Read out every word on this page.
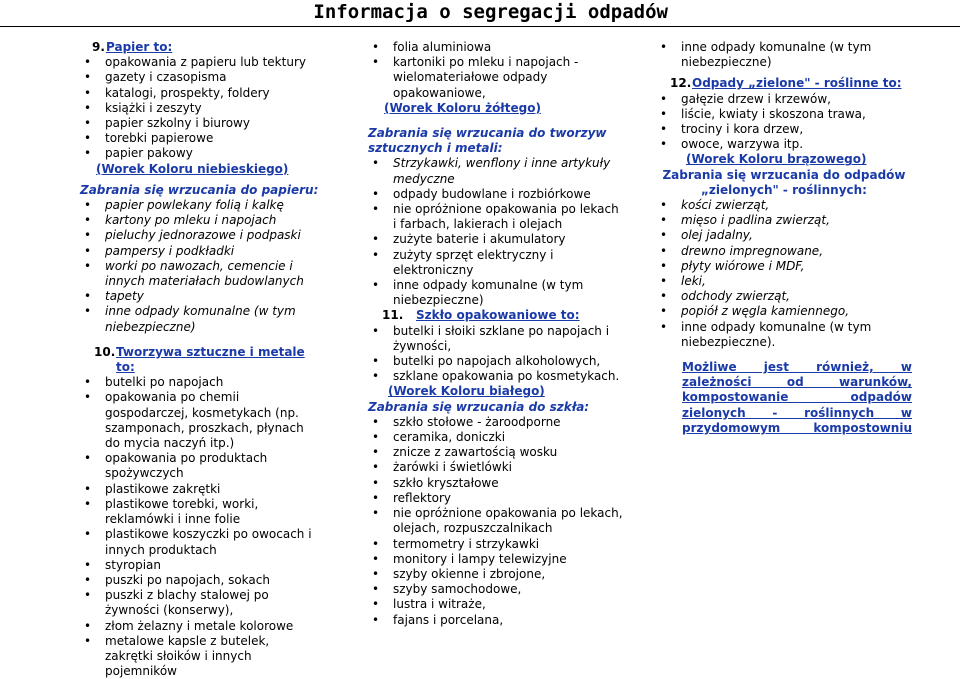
Informacja o segregacji odpadów
9. Papier to:
• opakowania z papieru lub tektury
• gazety i czasopisma
• katalogi, prospekty, foldery
• książki i zeszyty
• papier szkolny i biurowy
• torebki papierowe
• papier pakowy
(Worek Koloru niebieskiego)
Zabrania się wrzucania do papieru:
• papier powlekany folią i kalkę
• kartony po mleku i napojach
• pieluchy jednorazowe i podpaski
• pampersy i podkładki
• worki po nawozach, cemencie i innych materiałach budowlanych
• tapety
• inne odpady komunalne (w tym niebezpieczne)
10. Tworzywa sztuczne i metale to:
• butelki po napojach
• opakowania po chemii gospodarczej, kosmetykach (np. szamponach, proszkach, płynach do mycia naczyń itp.)
• opakowania po produktach spożywczych
• plastikowe zakrętki
• plastikowe torebki, worki, reklamówki i inne folie
• plastikowe koszyczki po owocach i innych produktach
• styropian
• puszki po napojach, sokach
• puszki z blachy stalowej po żywności (konserwy),
• złom żelazny i metale kolorowe
• metalowe kapsle z butelek, zakrętki słoików i innych pojemników
• folia aluminiowa
• kartoniki po mleku i napojach - wielomateriałowe odpady opakowaniowe,
(Worek Koloru żółtego)
Zabrania się wrzucania do tworzyw sztucznych i metali:
• Strzykawki, wenflony i inne artykuły medyczne
• odpady budowlane i rozbiórkowe
• nie opróżnione opakowania po lekach i farbach, lakierach i olejach
• zużyte baterie i akumulatory
• zużyty sprzęt elektryczny i elektroniczny
• inne odpady komunalne (w tym niebezpieczne)
11. Szkło opakowaniowe to:
• butelki i słoiki szklane po napojach i żywności,
• butelki po napojach alkoholowych,
• szklane opakowania po kosmetykach.
(Worek Koloru białego)
Zabrania się wrzucania do szkła:
• szkło stołowe - żaroodporne
• ceramika, doniczki
• znicze z zawartością wosku
• żarówki i świetlówki
• szkło kryształowe
• reflektory
• nie opróżnione opakowania po lekach, olejach, rozpuszczalnikach
• termometry i strzykawki
• monitory i lampy telewizyjne
• szyby okienne i zbrojone,
• szyby samochodowe,
• lustra i witraże,
• fajans i porcelana,
• inne odpady komunalne (w tym niebezpieczne)
12. Odpady „zielone" - roślinne to:
• gałęzie drzew i krzewów,
• liście, kwiaty i skoszona trawa,
• trociny i kora drzew,
• owoce, warzywa itp.
(Worek Koloru brązowego)
Zabrania się wrzucania do odpadów „zielonych" - roślinnych:
• kości zwierząt,
• mięso i padlina zwierząt,
• olej jadalny,
• drewno impregnowane,
• płyty wiórowe i MDF,
• leki,
• odchody zwierząt,
• popiół z węgla kamiennego,
• inne odpady komunalne (w tym niebezpieczne).
Możliwe jest również, w zależności od warunków, kompostowanie odpadów zielonych - roślinnych w przydomowym kompostowniu
